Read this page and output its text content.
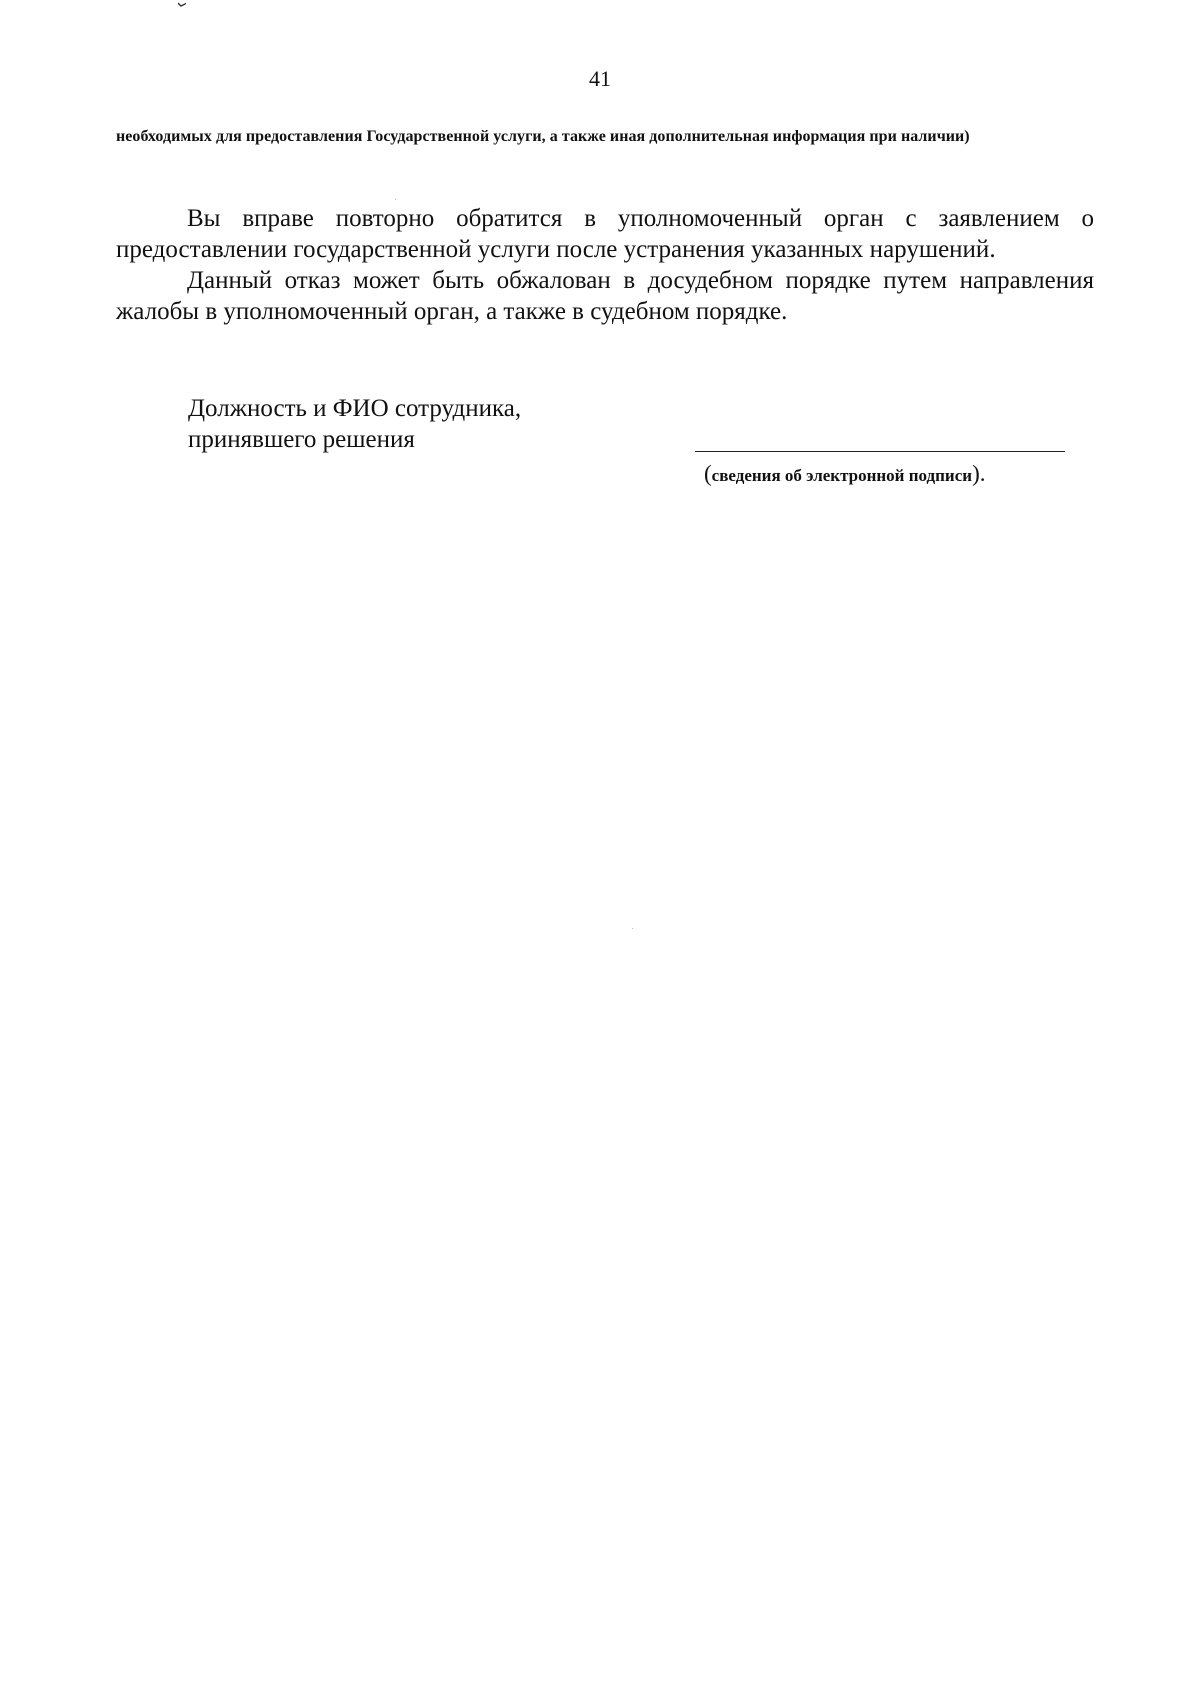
41
необходимых для предоставления Государственной услуги, а также иная дополнительная информация при наличии)

Вы вправе повторно обратится в уполномоченный орган с заявлением о предоставлении государственной услуги после устранения указанных нарушений.

Данный отказ может быть обжалован в досудебном порядке путем направления жалобы в уполномоченный орган, а также в судебном порядке.

Должность и ФИО сотрудника,
принявшего решения
(сведения об электронной подписи).
